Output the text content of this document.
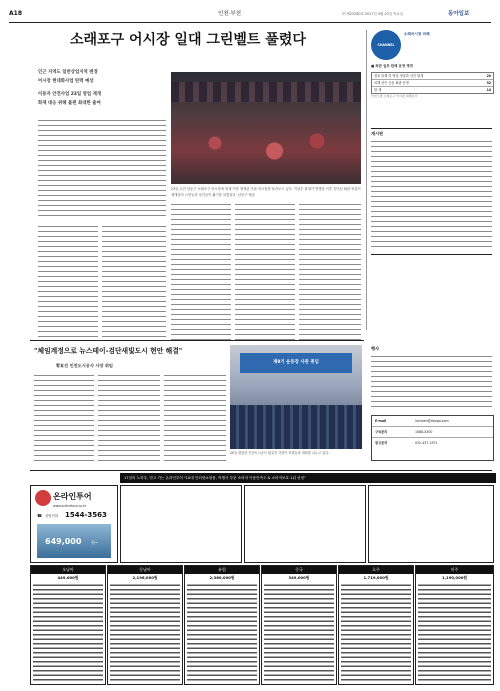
A18	인천·부천	㈜ 제23780호 2017년 4월 20일 목요일	동아일보
소래포구 어시장 일대 그린벨트 풀렸다
인근 지역도 일반상업지역 변경
어시장 현대화사업 탄력 예상
이용자 안전사업 23일 영업 재개
화재 대응 위해 불편 최대한 줄여
23일 오전 남동구 소래포구 어시장에 화재 이후 재개된 가판 어시장을 둘러보고 있다. 이날부 화재가 발생한 이후 중단된 좌판 영업이 재개되어 시민들과 상인들이 활기를 되찾았다. 남동구 제공
CHANNEL
소래어시장 피해
■ 좌판 일부 한때 운영 재개
점포 피해 및 영업 정상화 상인 합계	20
피해 상인 공동 좌판 운영	32
합 계	14
인천소방 소래포구 어시장 피해조사
게시판
"체임계정으로 뉴스테이-검단새빛도시 현안 해결"
황효진 인천도시공사 사장 취임
제9기 운동장 사관 취임
20일 취임한 인천도시공사 황효진 사장이 직원들과 대화를 나누고 있다.
행사
E-mail	inchoen@donga.com
구독문의	1588-4300
광고문의	032-437-1971
17년의 노하우, 믿고 가는 온라인투어 "10대 인터넷쇼핑몰, 여행사 부문 소비자 이용만족도 & 소비자보호 1위 선정"
온라인투어
www.onlinetour.co.kr
☎ 상담전화 1544-3563
649,000 원~
오남아
449,000원
동남아
2,196,000원
유럽
2,360,000원
중국
349,000원
호주
1,719,000원
미주
1,190,000원
